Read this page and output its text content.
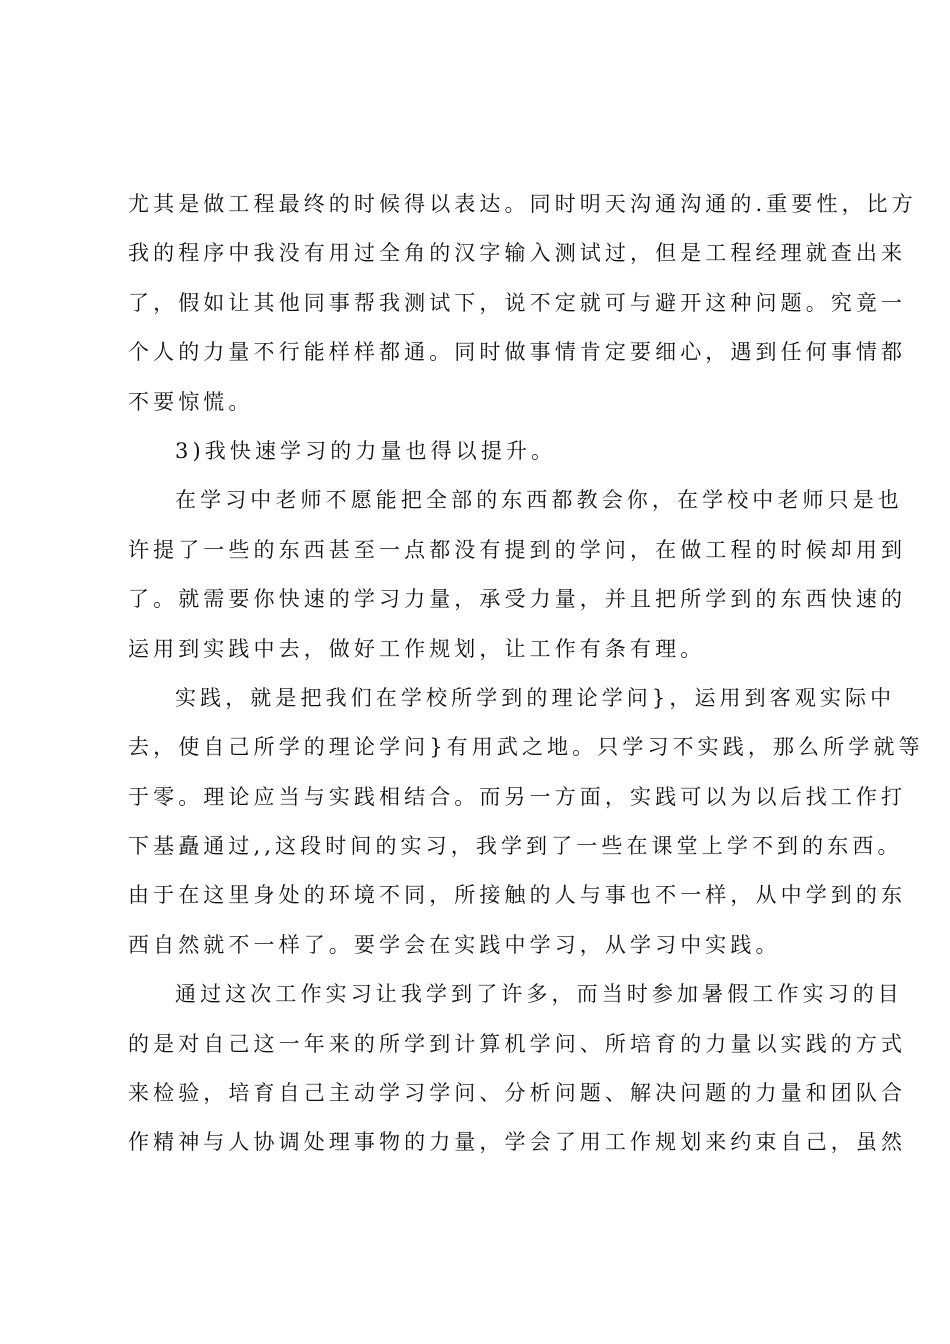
尤其是做工程最终的时候得以表达。同时明天沟通沟通的.重要性，比方
我的程序中我没有用过全角的汉字输入测试过，但是工程经理就查出来
了，假如让其他同事帮我测试下，说不定就可与避开这种问题。究竟一
个人的力量不行能样样都通。同时做事情肯定要细心，遇到任何事情都
不要惊慌。
3)我快速学习的力量也得以提升。
在学习中老师不愿能把全部的东西都教会你，在学校中老师只是也
许提了一些的东西甚至一点都没有提到的学问，在做工程的时候却用到
了。就需要你快速的学习力量，承受力量，并且把所学到的东西快速的
运用到实践中去，做好工作规划，让工作有条有理。
实践，就是把我们在学校所学到的理论学问}，运用到客观实际中
去，使自己所学的理论学问}有用武之地。只学习不实践，那么所学就等
于零。理论应当与实践相结合。而另一方面，实践可以为以后找工作打
下基矗通过,,这段时间的实习，我学到了一些在课堂上学不到的东西。
由于在这里身处的环境不同，所接触的人与事也不一样，从中学到的东
西自然就不一样了。要学会在实践中学习，从学习中实践。
通过这次工作实习让我学到了许多，而当时参加暑假工作实习的目
的是对自己这一年来的所学到计算机学问、所培育的力量以实践的方式
来检验，培育自己主动学习学问、分析问题、解决问题的力量和团队合
作精神与人协调处理事物的力量，学会了用工作规划来约束自己，虽然
